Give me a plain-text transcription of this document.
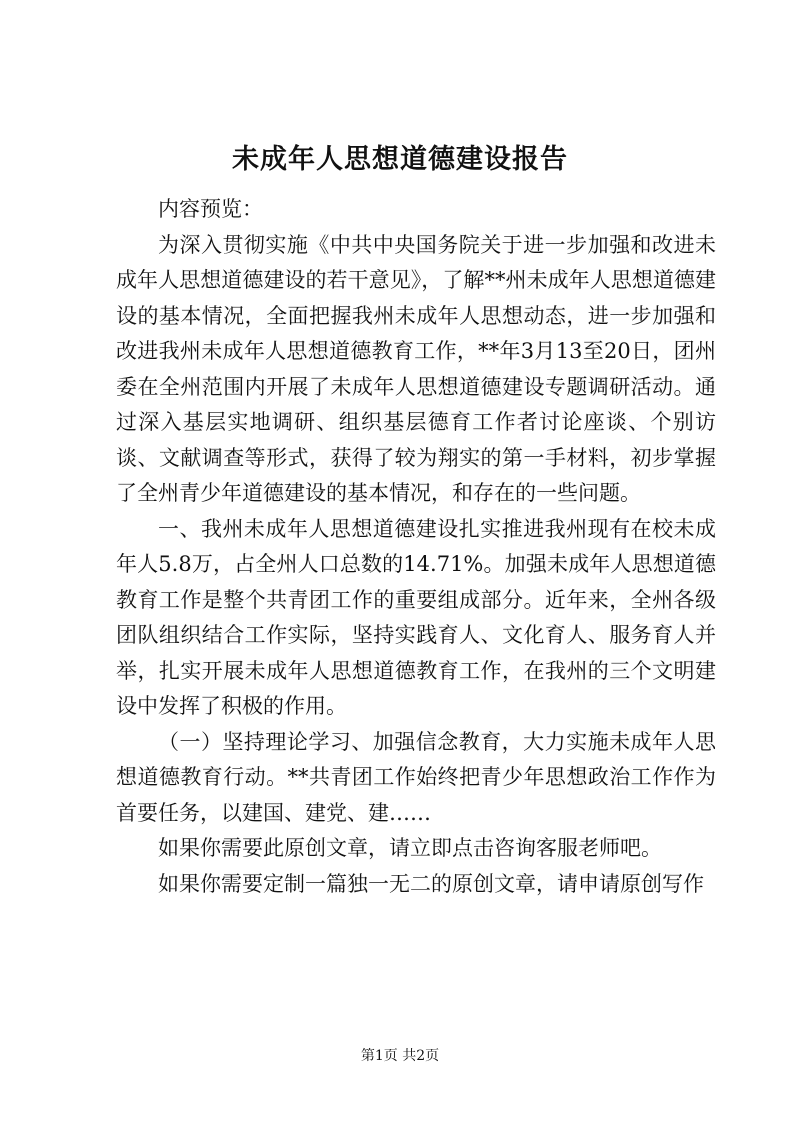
未成年人思想道德建设报告

内容预览：

为深入贯彻实施《中共中央国务院关于进一步加强和改进未成年人思想道德建设的若干意见》，了解**州未成年人思想道德建设的基本情况，全面把握我州未成年人思想动态，进一步加强和改进我州未成年人思想道德教育工作，**年3月13至20日，团州委在全州范围内开展了未成年人思想道德建设专题调研活动。通过深入基层实地调研、组织基层德育工作者讨论座谈、个别访谈、文献调查等形式，获得了较为翔实的第一手材料，初步掌握了全州青少年道德建设的基本情况，和存在的一些问题。

一、我州未成年人思想道德建设扎实推进我州现有在校未成年人5.8万，占全州人口总数的14.71%。加强未成年人思想道德教育工作是整个共青团工作的重要组成部分。近年来，全州各级团队组织结合工作实际，坚持实践育人、文化育人、服务育人并举，扎实开展未成年人思想道德教育工作，在我州的三个文明建设中发挥了积极的作用。

（一）坚持理论学习、加强信念教育，大力实施未成年人思想道德教育行动。**共青团工作始终把青少年思想政治工作作为首要任务，以建国、建党、建……

如果你需要此原创文章，请立即点击咨询客服老师吧。

如果你需要定制一篇独一无二的原创文章，请申请原创写作

第1页 共2页
